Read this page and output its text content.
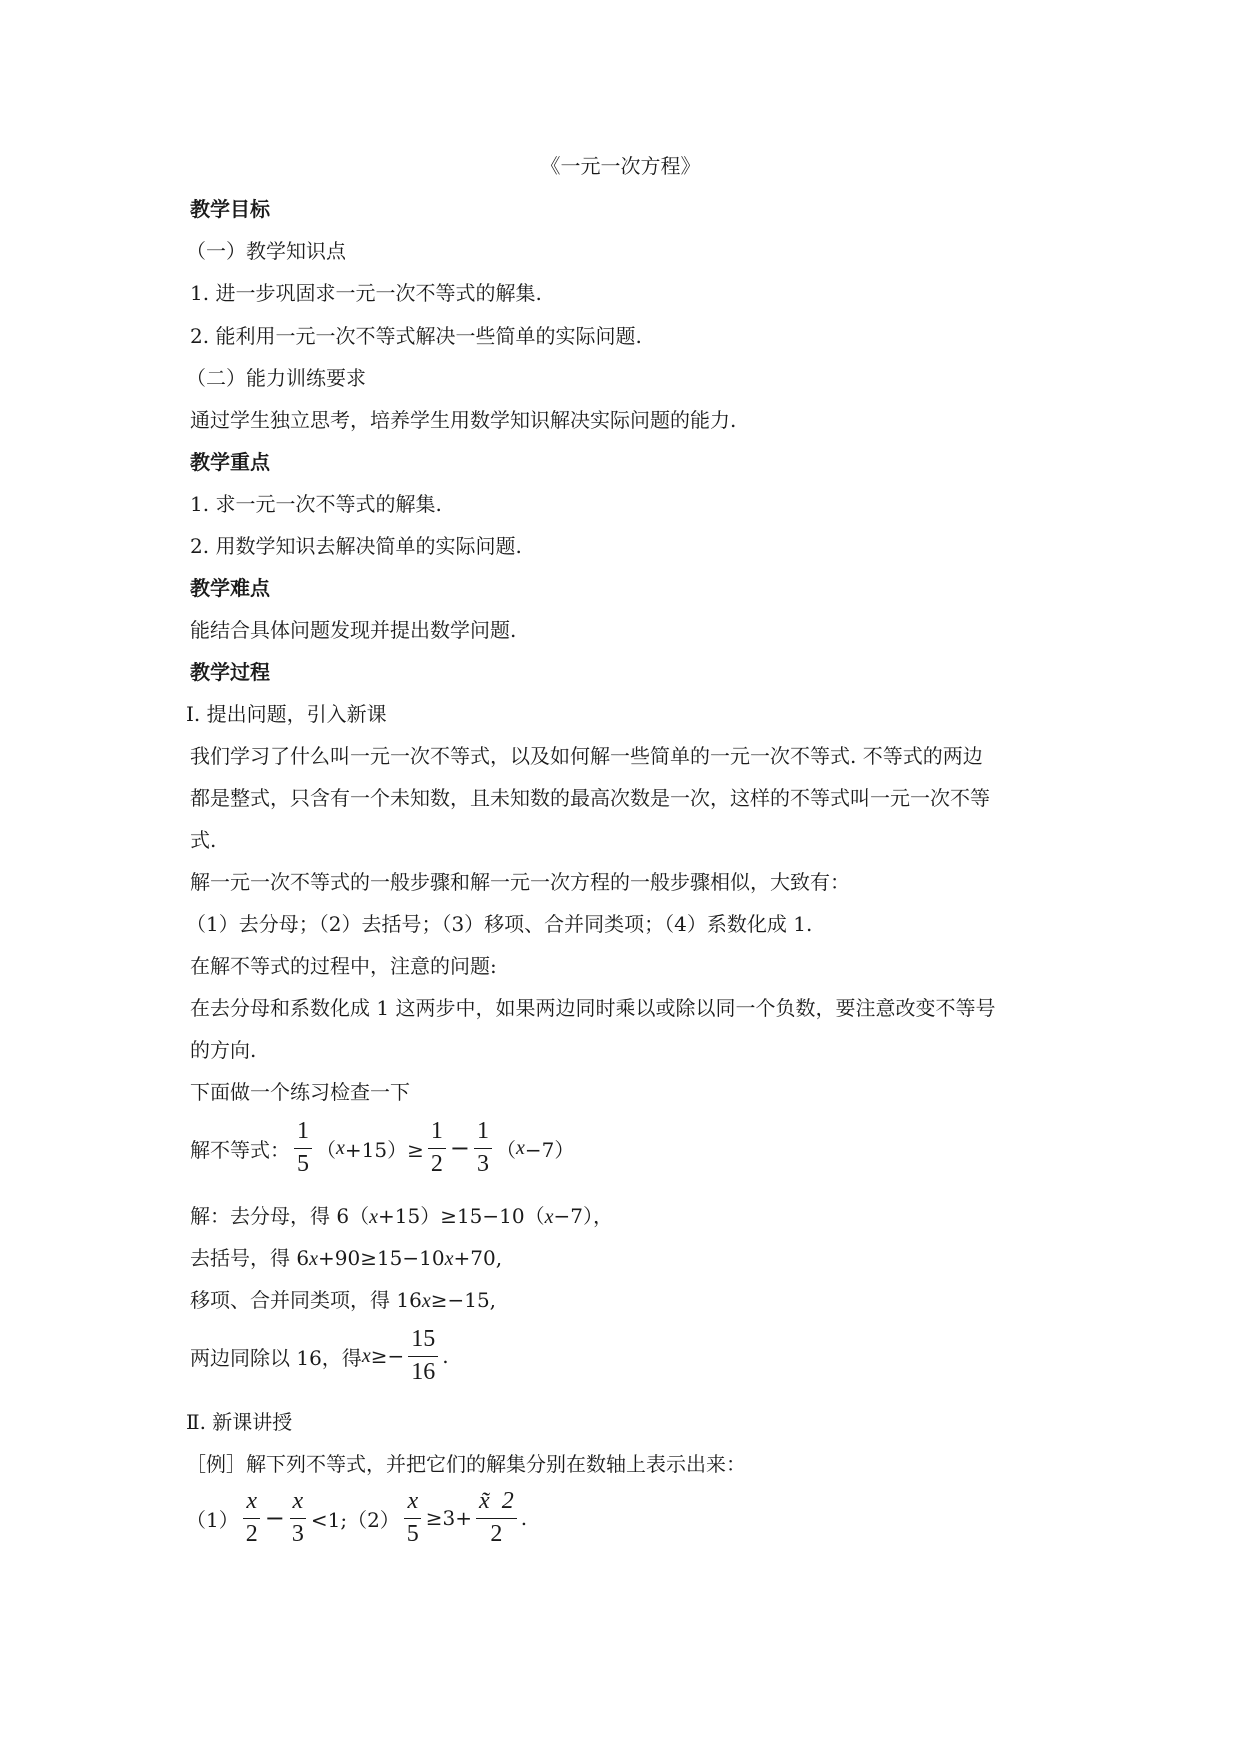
《一元一次方程》
教学目标
（一）教学知识点
1. 进一步巩固求一元一次不等式的解集.
2. 能利用一元一次不等式解决一些简单的实际问题.
（二）能力训练要求
通过学生独立思考，培养学生用数学知识解决实际问题的能力.
教学重点
1. 求一元一次不等式的解集.
2. 用数学知识去解决简单的实际问题.
教学难点
能结合具体问题发现并提出数学问题.
教学过程
Ⅰ. 提出问题，引入新课
我们学习了什么叫一元一次不等式，以及如何解一些简单的一元一次不等式. 不等式的两边
都是整式，只含有一个未知数，且未知数的最高次数是一次，这样的不等式叫一元一次不等
式.
解一元一次不等式的一般步骤和解一元一次方程的一般步骤相似，大致有：
（1）去分母；（2）去括号；（3）移项、合并同类项；（4）系数化成 1.
在解不等式的过程中，注意的问题:
在去分母和系数化成 1 这两步中，如果两边同时乘以或除以同一个负数，要注意改变不等号
的方向.
下面做一个练习检查一下
解不等式： $\frac{1}{5}$ （ $x +15)\ge \frac{1}{2} - \frac{1}{3}$ （ x −7）
解：去分母，得 6（x+15）≥15−10（x−7），
去括号，得 6x+90≥15−10x+70,
移项、合并同类项，得 16x≥−15,
两边同除以 16，得 $x \ge- \frac{15}{16}$ .
Ⅱ. 新课讲授
［例］解下列不等式，并把它们的解集分别在数轴上表示出来：
$(1) \frac{x}{2} - \frac{x}{3}$ <1;（2） $\frac{x}{5} \ge 3+ \frac{x̃ 2}{2}$ .
